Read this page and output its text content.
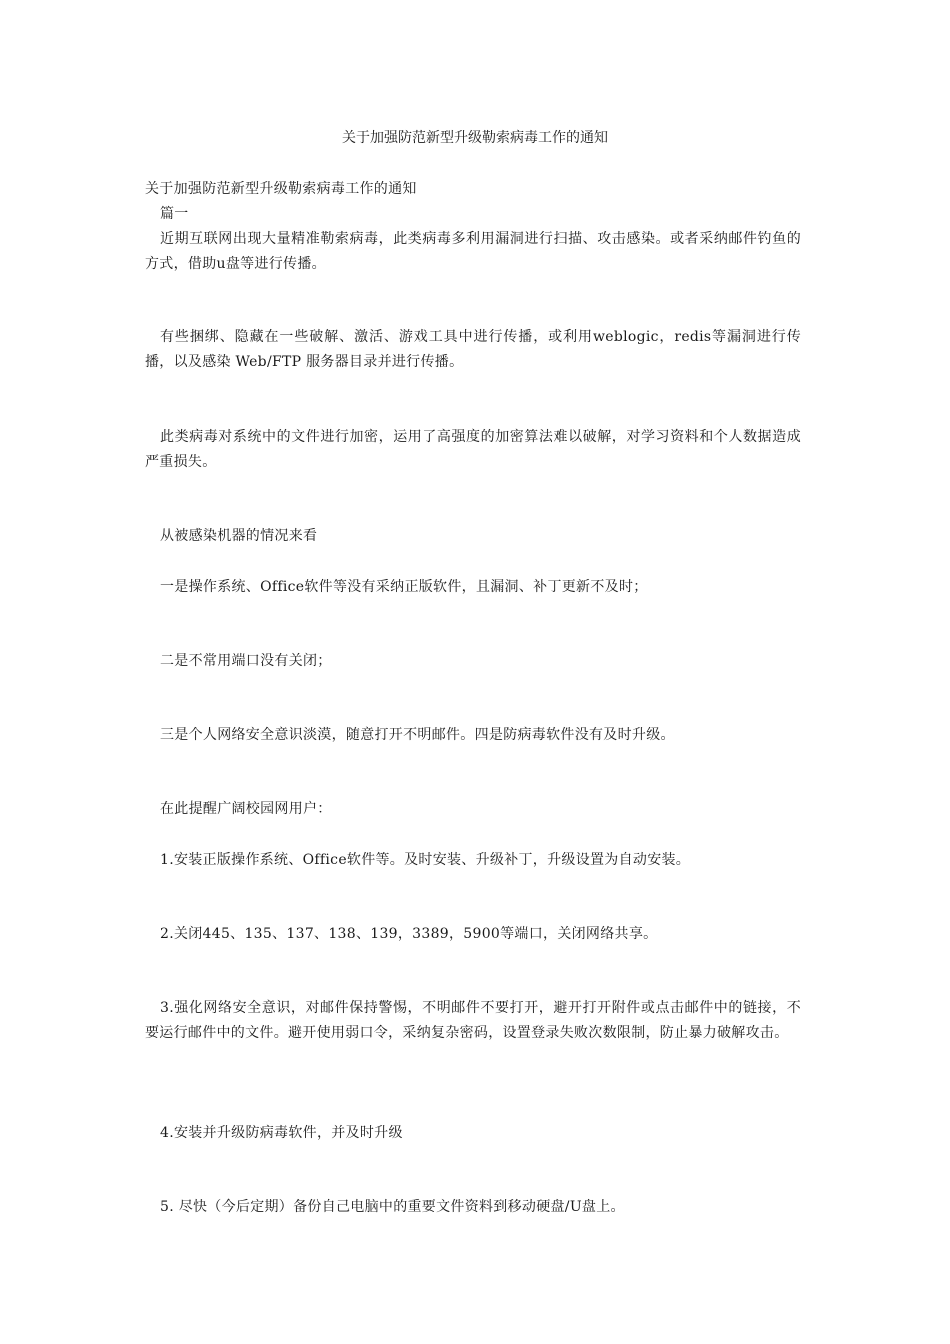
关于加强防范新型升级勒索病毒工作的通知
关于加强防范新型升级勒索病毒工作的通知
篇一
近期互联网出现大量精准勒索病毒，此类病毒多利用漏洞进行扫描、攻击感染。或者采纳邮件钓鱼的方式，借助u盘等进行传播。
有些捆绑、隐藏在一些破解、激活、游戏工具中进行传播，或利用weblogic，redis等漏洞进行传播，以及感染 Web/FTP 服务器目录并进行传播。
此类病毒对系统中的文件进行加密，运用了高强度的加密算法难以破解，对学习资料和个人数据造成严重损失。
从被感染机器的情况来看
一是操作系统、Office软件等没有采纳正版软件，且漏洞、补丁更新不及时；
二是不常用端口没有关闭；
三是个人网络安全意识淡漠，随意打开不明邮件。四是防病毒软件没有及时升级。
在此提醒广阔校园网用户：
1.安装正版操作系统、Office软件等。及时安装、升级补丁，升级设置为自动安装。
2.关闭445、135、137、138、139，3389，5900等端口，关闭网络共享。
3.强化网络安全意识，对邮件保持警惕，不明邮件不要打开，避开打开附件或点击邮件中的链接，不要运行邮件中的文件。避开使用弱口令，采纳复杂密码，设置登录失败次数限制，防止暴力破解攻击。
4.安装并升级防病毒软件，并及时升级
5. 尽快（今后定期）备份自己电脑中的重要文件资料到移动硬盘/U盘上。
